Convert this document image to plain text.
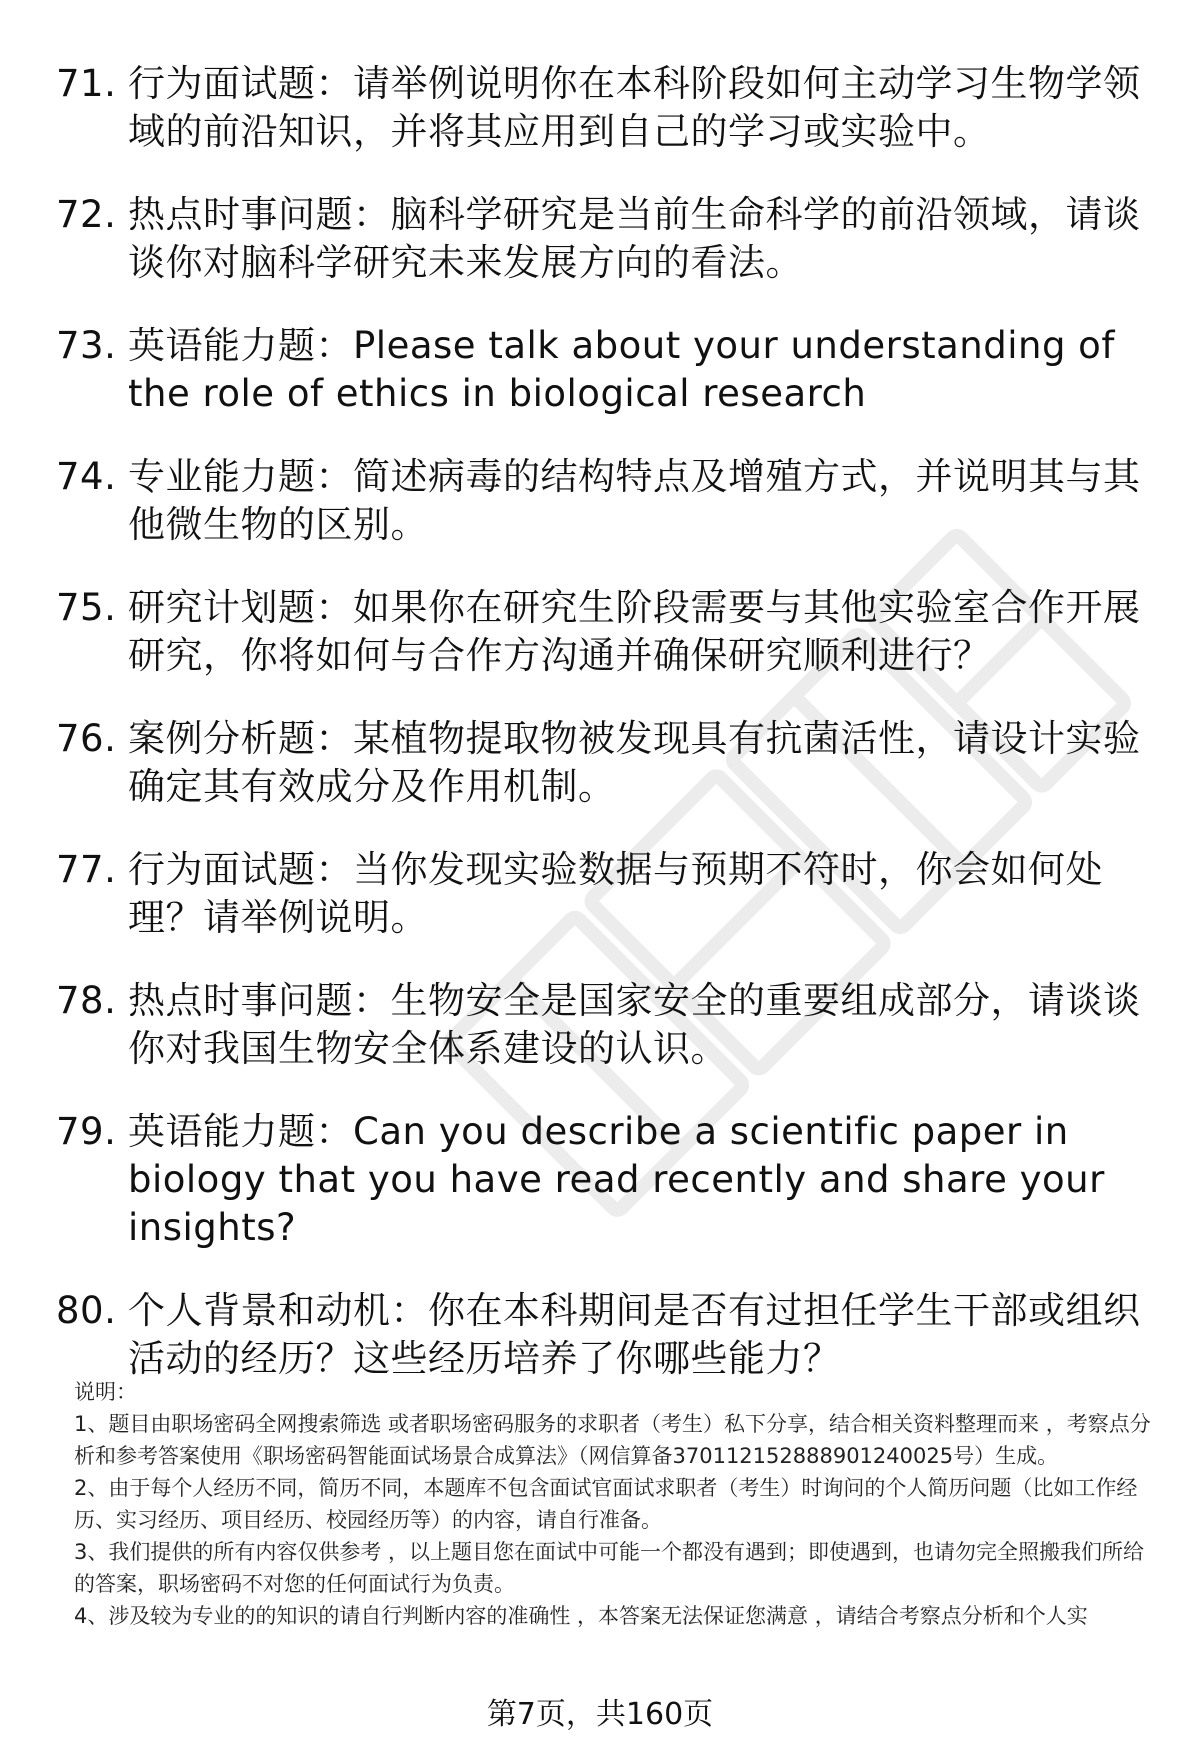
71. 行为面试题：请举例说明你在本科阶段如何主动学习生物学领域的前沿知识，并将其应用到自己的学习或实验中。
72. 热点时事问题：脑科学研究是当前生命科学的前沿领域，请谈谈你对脑科学研究未来发展方向的看法。
73. 英语能力题：Please talk about your understanding of the role of ethics in biological research
74. 专业能力题：简述病毒的结构特点及增殖方式，并说明其与其他微生物的区别。
75. 研究计划题：如果你在研究生阶段需要与其他实验室合作开展研究，你将如何与合作方沟通并确保研究顺利进行？
76. 案例分析题：某植物提取物被发现具有抗菌活性，请设计实验确定其有效成分及作用机制。
77. 行为面试题：当你发现实验数据与预期不符时，你会如何处理？请举例说明。
78. 热点时事问题：生物安全是国家安全的重要组成部分，请谈谈你对我国生物安全体系建设的认识。
79. 英语能力题：Can you describe a scientific paper in biology that you have read recently and share your insights?
80. 个人背景和动机：你在本科期间是否有过担任学生干部或组织活动的经历？这些经历培养了你哪些能力？

说明：

1、题目由职场密码全网搜索筛选 或者职场密码服务的求职者（考生）私下分享，结合相关资料整理而来 ，考察点分析和参考答案使用《职场密码智能面试场景合成算法》（网信算备370112152888901240025号）生成。

2、由于每个人经历不同，简历不同，本题库不包含面试官面试求职者（考生）时询问的个人简历问题（比如工作经历、实习经历、项目经历、校园经历等）的内容，请自行准备。

3、我们提供的所有内容仅供参考 ，以上题目您在面试中可能一个都没有遇到；即使遇到，也请勿完全照搬我们所给的答案，职场密码不对您的任何面试行为负责。

4、涉及较为专业的的知识的请自行判断内容的准确性 ，本答案无法保证您满意 ，请结合考察点分析和个人实

第7页，共160页
